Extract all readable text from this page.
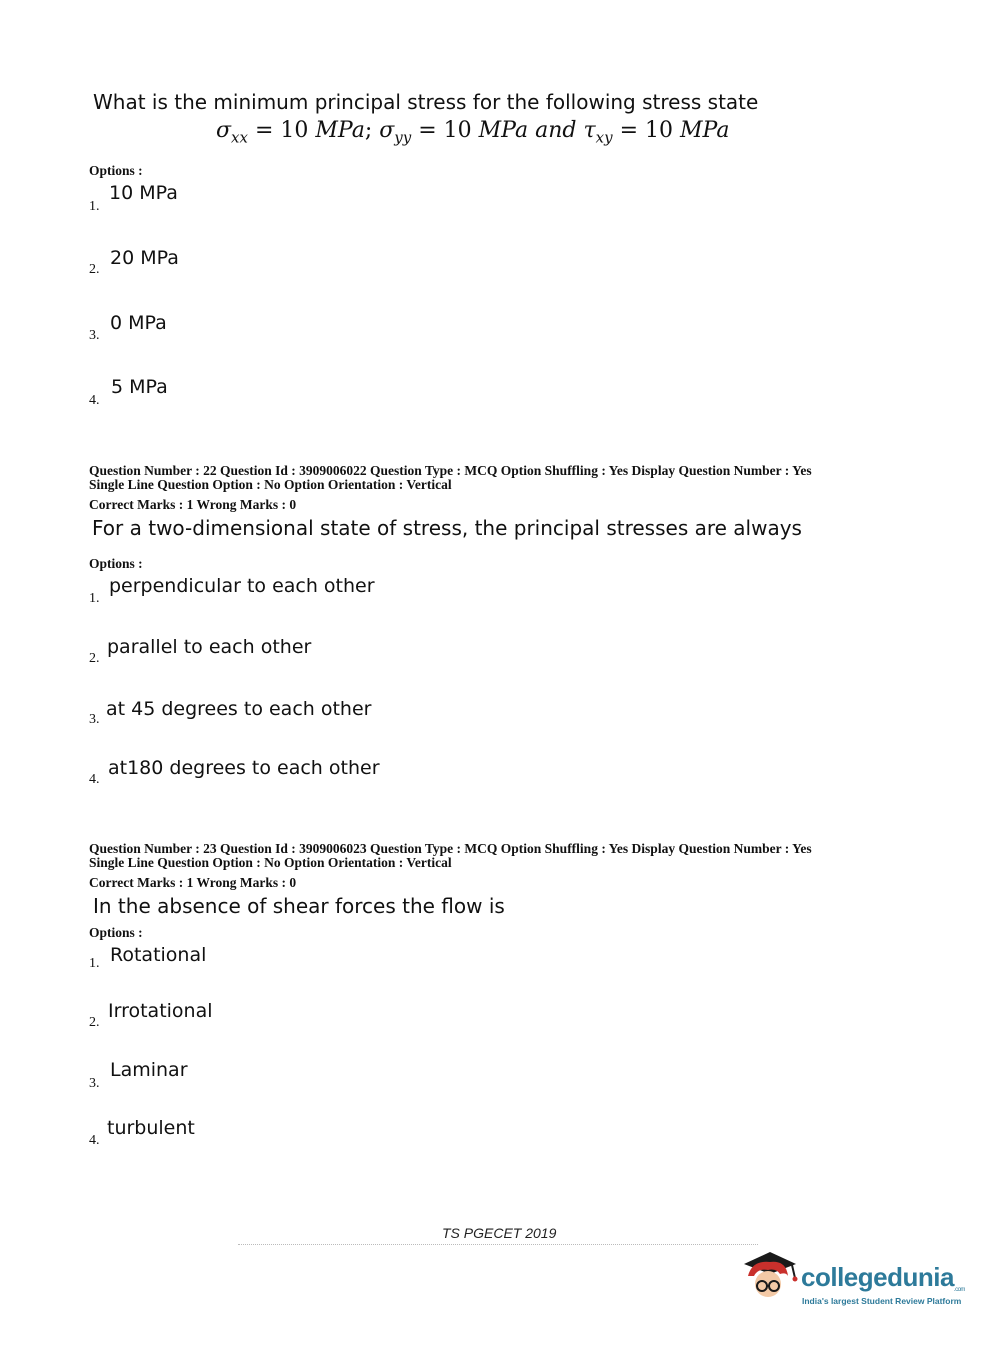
What is the minimum principal stress for the following stress state
$\sigma_{xx} = 10$ MPa; $\sigma_{yy} = 10$ MPa and $\tau_{xy} = 10$ MPa
Options :
1.
10 MPa
2.
20 MPa
3.
0 MPa
4.
5 MPa
Question Number : 22 Question Id : 3909006022 Question Type : MCQ Option Shuffling : Yes Display Question Number : Yes
Single Line Question Option : No Option Orientation : Vertical
Correct Marks : 1 Wrong Marks : 0
For a two-dimensional state of stress, the principal stresses are always
Options :
1.
perpendicular to each other
2.
parallel to each other
3. at 45 degrees to each other
4.
at180 degrees to each other
Question Number : 23 Question Id : 3909006023 Question Type : MCQ Option Shuffling : Yes Display Question Number : Yes
Single Line Question Option : No Option Orientation : Vertical
Correct Marks : 1 Wrong Marks : 0
In the absence of shear forces the flow is
Options :
1. Rotational
2.
Irrotational
3.
Laminar
4.
turbulent
TS PGECET 2019
collegedunia.com
India's largest Student Review Platform
